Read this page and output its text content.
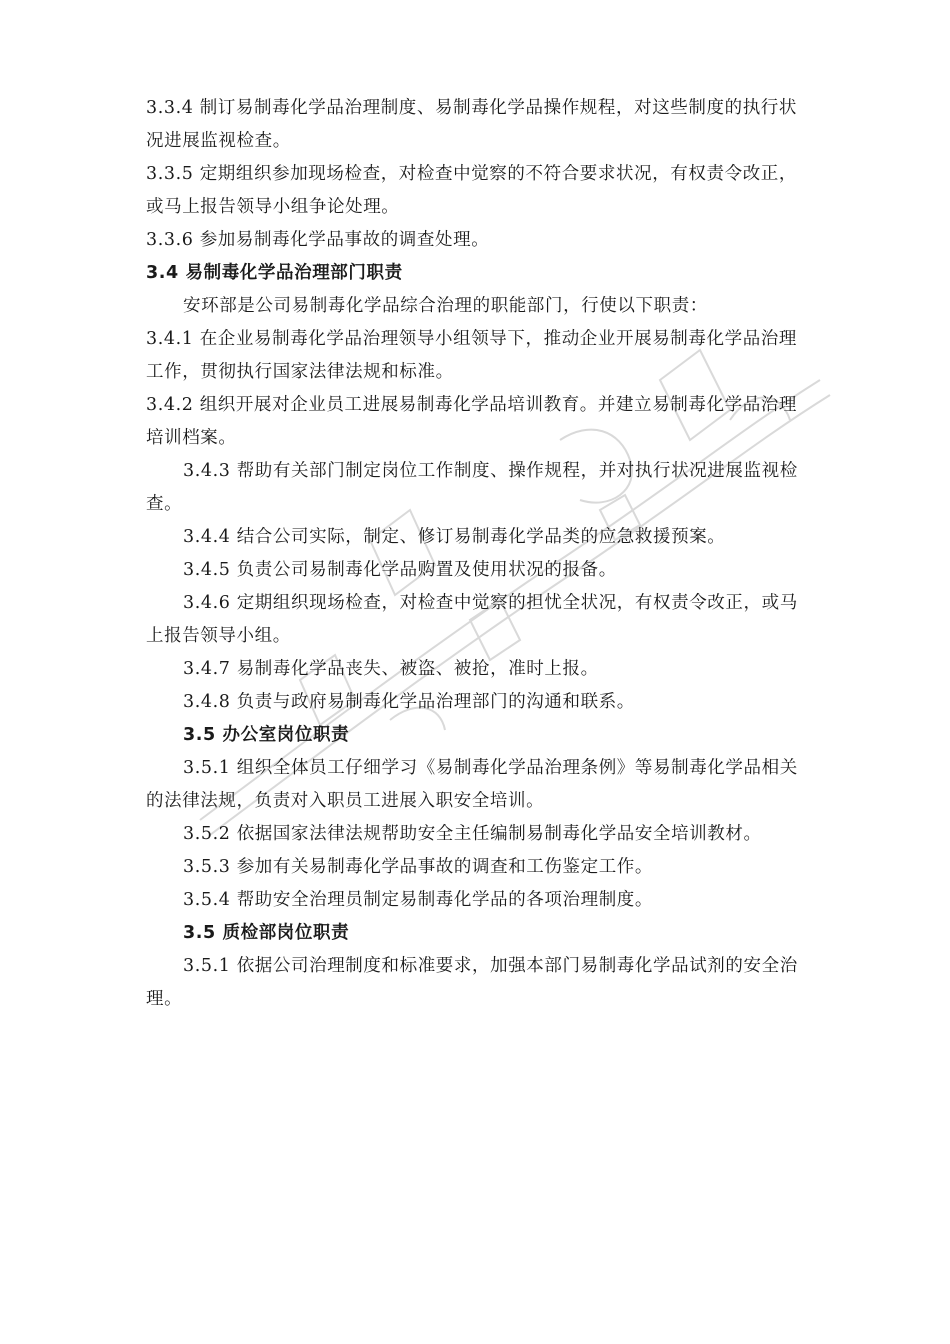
3.3.4 制订易制毒化学品治理制度、易制毒化学品操作规程，对这些制度的执行状况进展监视检查。

3.3.5 定期组织参加现场检查，对检查中觉察的不符合要求状况，有权责令改正，或马上报告领导小组争论处理。

3.3.6 参加易制毒化学品事故的调查处理。

3.4 易制毒化学品治理部门职责

安环部是公司易制毒化学品综合治理的职能部门，行使以下职责：

3.4.1 在企业易制毒化学品治理领导小组领导下，推动企业开展易制毒化学品治理工作，贯彻执行国家法律法规和标准。

3.4.2 组织开展对企业员工进展易制毒化学品培训教育。并建立易制毒化学品治理培训档案。

3.4.3 帮助有关部门制定岗位工作制度、操作规程，并对执行状况进展监视检查。

3.4.4 结合公司实际，制定、修订易制毒化学品类的应急救援预案。

3.4.5 负责公司易制毒化学品购置及使用状况的报备。

3.4.6 定期组织现场检查，对检查中觉察的担忧全状况，有权责令改正，或马上报告领导小组。

3.4.7 易制毒化学品丧失、被盗、被抢，准时上报。

3.4.8 负责与政府易制毒化学品治理部门的沟通和联系。

3.5 办公室岗位职责

3.5.1 组织全体员工仔细学习《易制毒化学品治理条例》等易制毒化学品相关的法律法规，负责对入职员工进展入职安全培训。

3.5.2 依据国家法律法规帮助安全主任编制易制毒化学品安全培训教材。

3.5.3 参加有关易制毒化学品事故的调查和工伤鉴定工作。

3.5.4 帮助安全治理员制定易制毒化学品的各项治理制度。

3.5 质检部岗位职责

3.5.1 依据公司治理制度和标准要求，加强本部门易制毒化学品试剂的安全治理。
